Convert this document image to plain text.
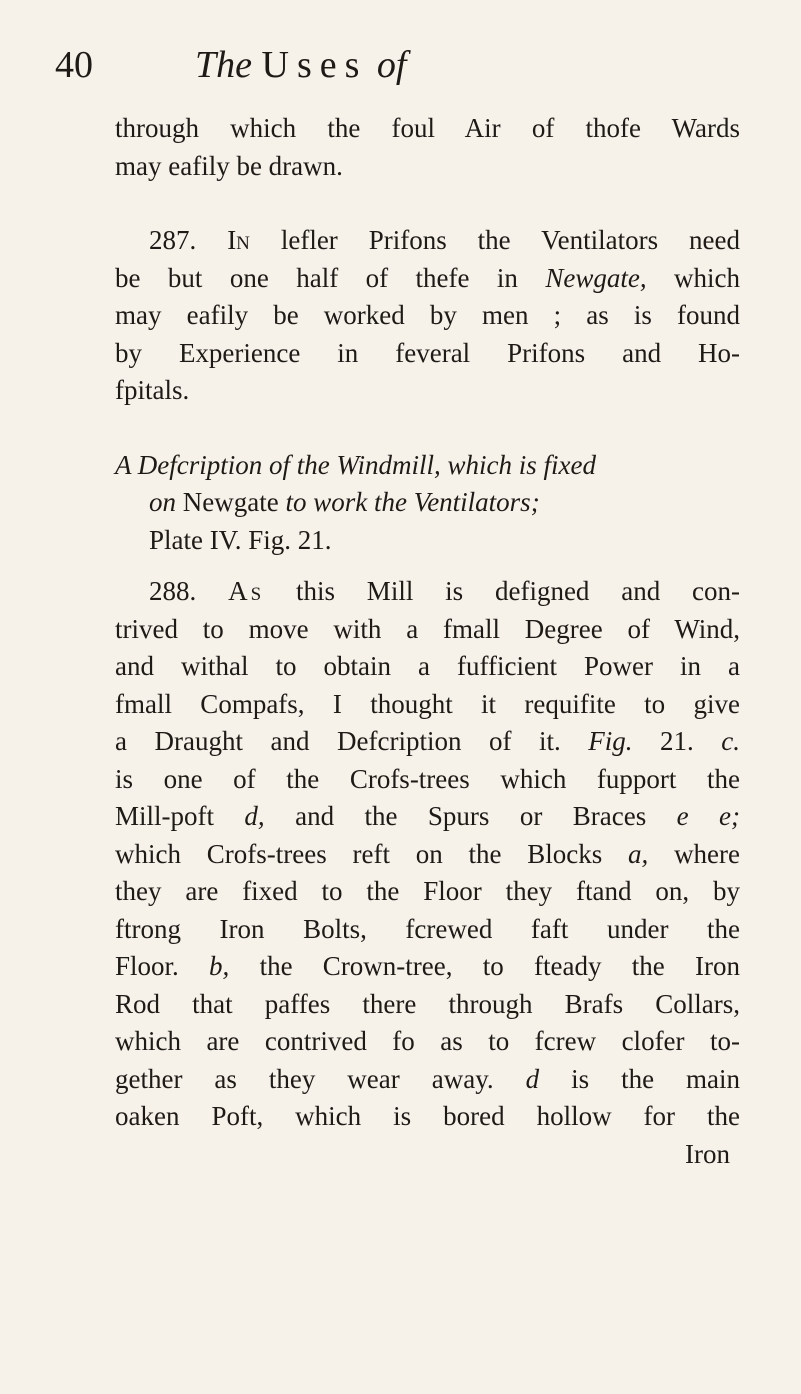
40	The Uses of

through which the foul Air of thofe Wards

may eafily be drawn.

287. In lefler Prifons the Ventilators need

be but one half of thefe in Newgate, which

may eafily be worked by men ; as is found

by Experience in feveral Prifons and Ho-

fpitals.

A Defcription of the Windmill, which is fixed

on Newgate to work the Ventilators;

Plate IV. Fig. 21.

288. As this Mill is defigned and con-

trived to move with a fmall Degree of Wind,

and withal to obtain a fufficient Power in a

fmall Compafs, I thought it requifite to give

a Draught and Defcription of it. Fig. 21. c.

is one of the Crofs-trees which fupport the

Mill-poft d, and the Spurs or Braces e e;

which Crofs-trees reft on the Blocks a, where

they are fixed to the Floor they ftand on, by

ftrong Iron Bolts, fcrewed faft under the

Floor. b, the Crown-tree, to fteady the Iron

Rod that paffes there through Brafs Collars,

which are contrived fo as to fcrew clofer to-

gether as they wear away. d is the main

oaken Poft, which is bored hollow for the

Iron
